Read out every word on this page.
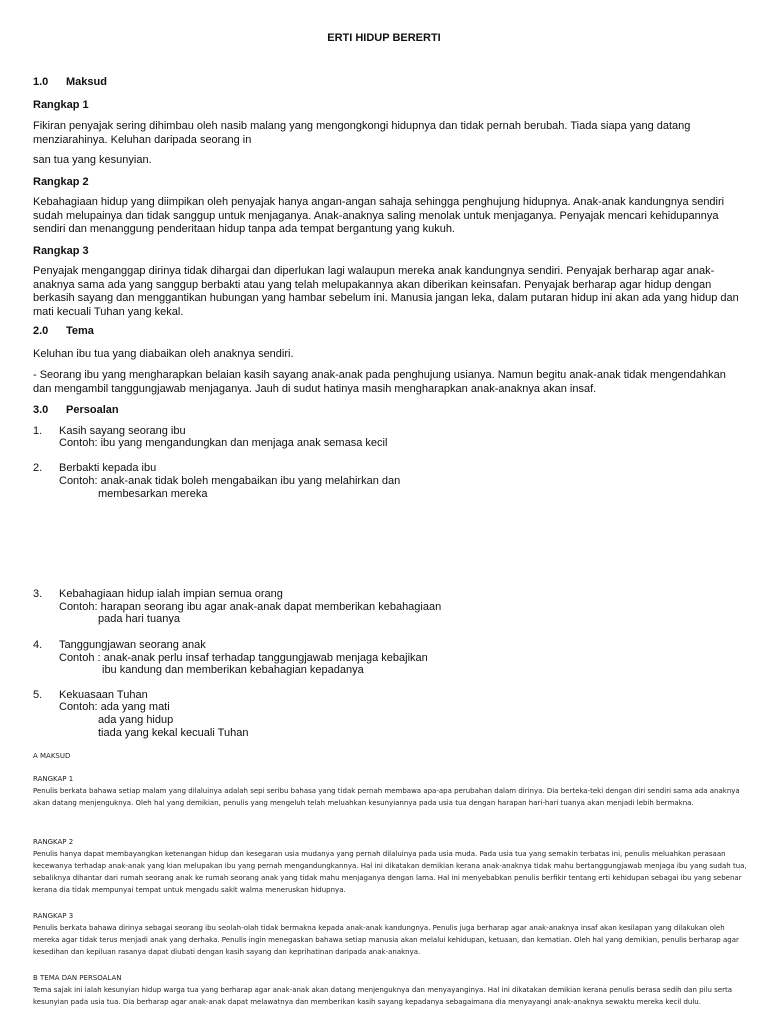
ERTI HIDUP BERERTI
1.0 Maksud
Rangkap 1
Fikiran penyajak sering dihimbau oleh nasib malang yang mengongkongi hidupnya dan tidak pernah berubah. Tiada siapa yang datang menziarahinya. Keluhan daripada seorang in
san tua yang kesunyian.
Rangkap 2
Kebahagiaan hidup yang diimpikan oleh penyajak hanya angan-angan sahaja sehingga penghujung hidupnya. Anak-anak kandungnya sendiri sudah melupainya dan tidak sanggup untuk menjaganya. Anak-anaknya saling menolak untuk menjaganya. Penyajak mencari kehidupannya sendiri dan menanggung penderitaan hidup tanpa ada tempat bergantung yang kukuh.
Rangkap 3
Penyajak menganggap dirinya tidak dihargai dan diperlukan lagi walaupun mereka anak kandungnya sendiri. Penyajak berharap agar anak-anaknya sama ada yang sanggup berbakti atau yang telah melupakannya akan diberikan keinsafan. Penyajak berharap agar hidup dengan berkasih sayang dan menggantikan hubungan yang hambar sebelum ini. Manusia jangan leka, dalam putaran hidup ini akan ada yang hidup dan mati kecuali Tuhan yang kekal.
2.0 Tema
Keluhan ibu tua yang diabaikan oleh anaknya sendiri.
- Seorang ibu yang mengharapkan belaian kasih sayang anak-anak pada penghujung usianya. Namun begitu anak-anak tidak mengendahkan dan mengambil tanggungjawab menjaganya. Jauh di sudut hatinya masih mengharapkan anak-anaknya akan insaf.
3.0 Persoalan
1. Kasih sayang seorang ibu
Contoh: ibu yang mengandungkan dan menjaga anak semasa kecil
2. Berbakti kepada ibu
Contoh: anak-anak tidak boleh mengabaikan ibu yang melahirkan dan
membesarkan mereka
3. Kebahagiaan hidup ialah impian semua orang
Contoh: harapan seorang ibu agar anak-anak dapat memberikan kebahagiaan
pada hari tuanya
4. Tanggungjawan seorang anak
Contoh : anak-anak perlu insaf terhadap tanggungjawab menjaga kebajikan
ibu kandung dan memberikan kebahagian kepadanya
5. Kekuasaan Tuhan
Contoh: ada yang mati
ada yang hidup
tiada yang kekal kecuali Tuhan
A MAKSUD
RANGKAP 1
Penulis berkata bahawa setiap malam yang dilaluinya adalah sepi seribu bahasa yang tidak pernah membawa apa-apa perubahan dalam dirinya. Dia berteka-teki dengan diri sendiri sama ada anaknya akan datang menjenguknya. Oleh hal yang demikian, penulis yang mengeluh telah meluahkan kesunyiannya pada usia tua dengan harapan hari-hari tuanya akan menjadi lebih bermakna.
RANGKAP 2
Penulis hanya dapat membayangkan ketenangan hidup dan kesegaran usia mudanya yang pernah dilaluinya pada usia muda. Pada usia tua yang semakin terbatas ini, penulis meluahkan perasaan kecewanya terhadap anak-anak yang kian melupakan ibu yang pernah mengandungkannya. Hal ini dikatakan demikian kerana anak-anaknya tidak mahu bertanggungjawab menjaga ibu yang sudah tua, sebaliknya dihantar dari rumah seorang anak ke rumah seorang anak yang tidak mahu menjaganya dengan lama. Hal ini menyebabkan penulis berfikir tentang erti kehidupan sebagai ibu yang sebenar kerana dia tidak mempunyai tempat untuk mengadu sakit walma meneruskan hidupnya.
RANGKAP 3
Penulis berkata bahawa dirinya sebagai seorang ibu seolah-olah tidak bermakna kepada anak-anak kandungnya. Penulis juga berharap agar anak-anaknya insaf akan kesilapan yang dilakukan oleh mereka agar tidak terus menjadi anak yang derhaka. Penulis ingin menegaskan bahawa setiap manusia akan melalui kehidupan, ketuaan, dan kematian. Oleh hal yang demikian, penulis berharap agar kesedihan dan kepiluan rasanya dapat diubati dengan kasih sayang dan keprihatinan daripada anak-anaknya.
B TEMA DAN PERSOALAN
Tema sajak ini ialah kesunyian hidup warga tua yang berharap agar anak-anak akan datang menjenguknya dan menyayanginya. Hal ini dikatakan demikian kerana penulis berasa sedih dan pilu serta kesunyian pada usia tua. Dia berharap agar anak-anak dapat melawatnya dan memberikan kasih sayang kepadanya sebagaimana dia menyayangi anak-anaknya sewaktu mereka kecil dulu.
